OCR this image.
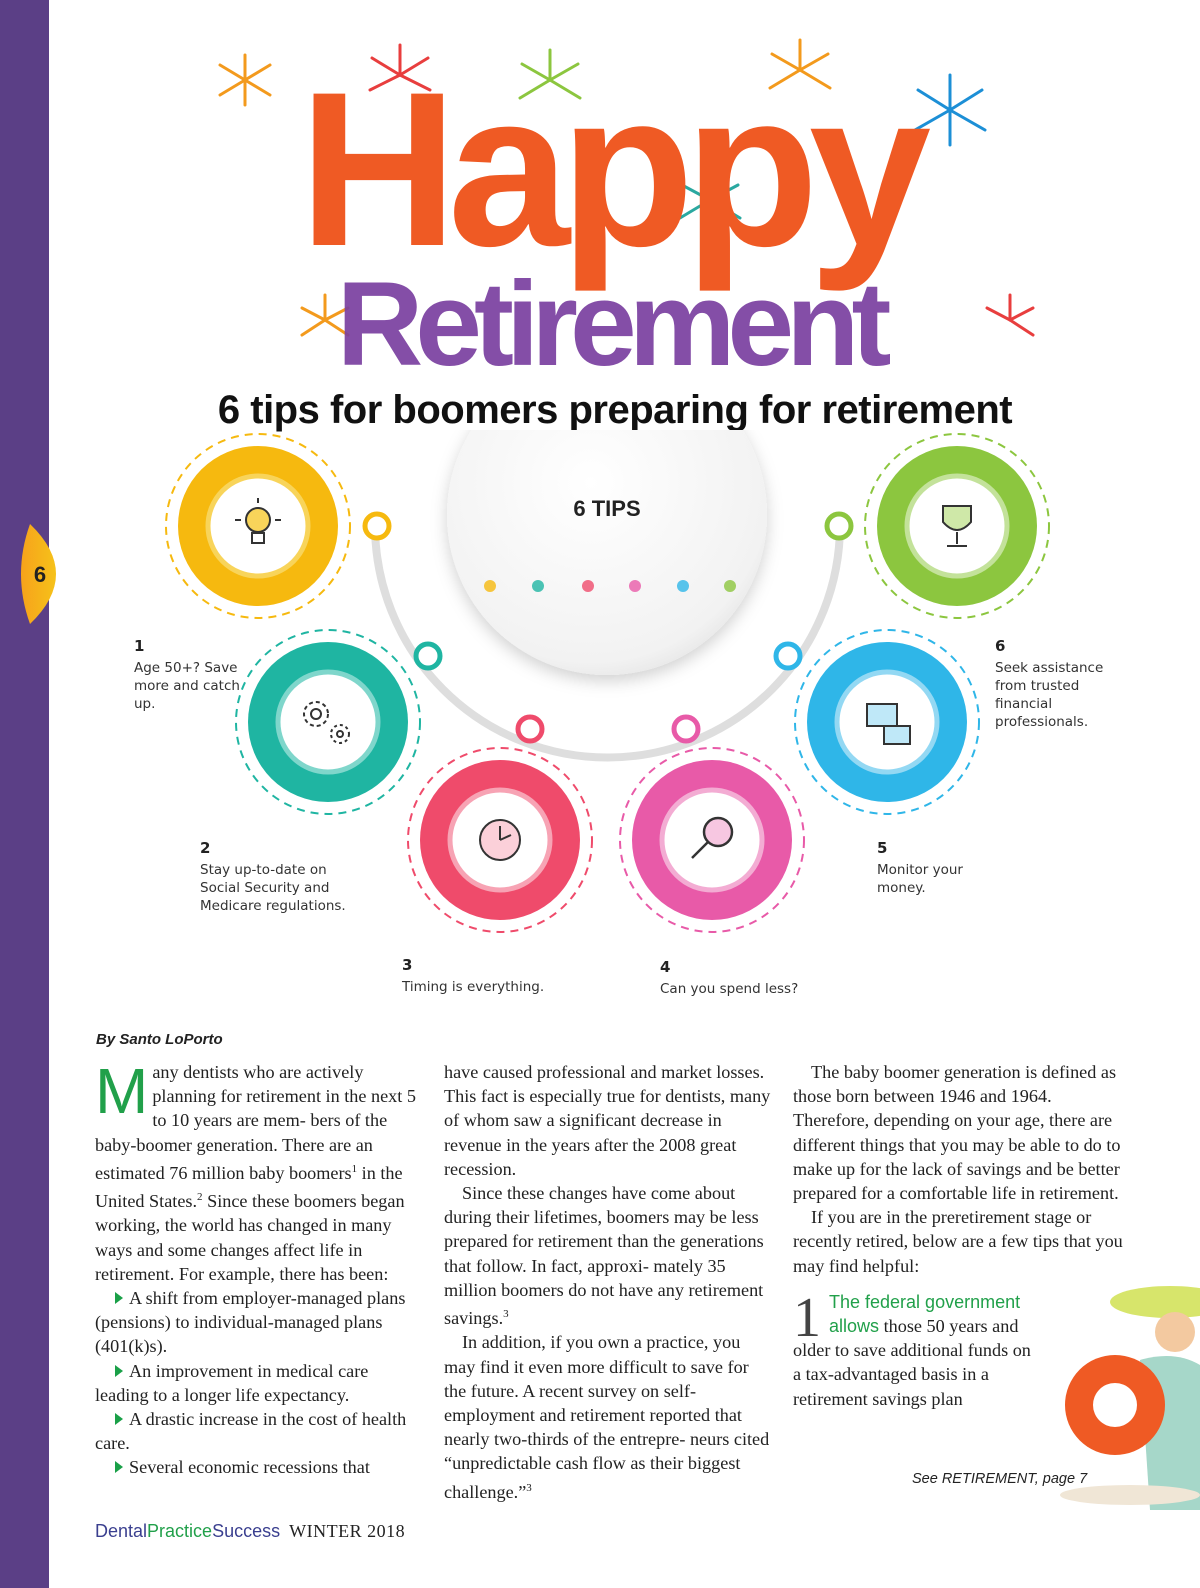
6
Happy
Retirement
6 tips for boomers preparing for retirement
6 TIPS
1
Age 50+? Save more and catch up.
2
Stay up-to-date on Social Security and Medicare regulations.
3
Timing is everything.
4
Can you spend less?
5
Monitor your money.
6
Seek assistance from trusted financial professionals.
By Santo LoPorto

Many dentists who are actively planning for retirement in the next 5 to 10 years are mem- bers of the baby-boomer generation. There are an estimated 76 million baby boomers$^1$ in the United States.$^2$ Since these boomers began working, the world has changed in many ways and some changes affect life in retirement. For example, there has been:

A shift from employer-managed plans (pensions) to individual-managed plans (401(k)s).

An improvement in medical care leading to a longer life expectancy.

A drastic increase in the cost of health care.

Several economic recessions that

have caused professional and market losses. This fact is especially true for dentists, many of whom saw a significant decrease in revenue in the years after the 2008 great recession.

Since these changes have come about during their lifetimes, boomers may be less prepared for retirement than the generations that follow. In fact, approxi- mately 35 million boomers do not have any retirement savings.$^3$

In addition, if you own a practice, you may find it even more difficult to save for the future. A recent survey on self- employment and retirement reported that nearly two-thirds of the entrepre- neurs cited “unpredictable cash flow as their biggest challenge.”$^3$

The baby boomer generation is defined as those born between 1946 and 1964. Therefore, depending on your age, there are different things that you may be able to do to make up for the lack of savings and be better prepared for a comfortable life in retirement.

If you are in the preretirement stage or recently retired, below are a few tips that you may find helpful:

1 The federal government allows those 50 years and older to save additional funds on a tax-advantaged basis in a retirement savings plan

See RETIREMENT, page 7
DentalPracticeSuccess WINTER 2018
